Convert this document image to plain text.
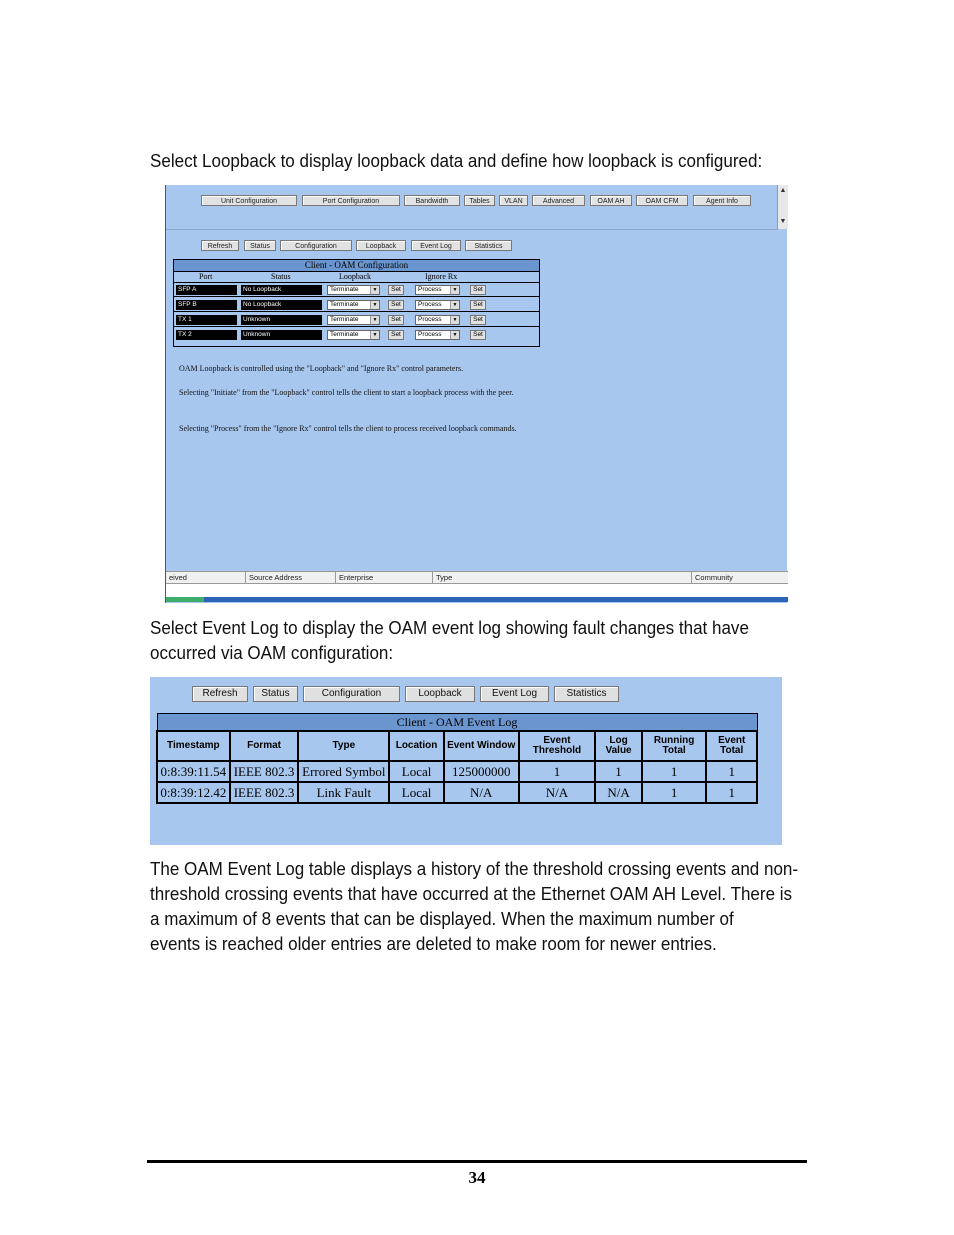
Select Loopback to display loopback data and define how loopback is configured:
Unit Configuration	Port Configuration	Bandwidth	Tables	VLAN	Advanced	OAM AH	OAM CFM	Agent Info
▲
▼
Refresh	Status	Configuration	Loopback	Event Log	Statistics
Client - OAM Configuration
Port	Status	Loopback	Ignore Rx
SFP A	No Loopback	Terminate	▼	Set	Process	▼	Set
SFP B	No Loopback	Terminate	▼	Set	Process	▼	Set
TX 1	Unknown	Terminate	▼	Set	Process	▼	Set
TX 2	Unknown	Terminate	▼	Set	Process	▼	Set
OAM Loopback is controlled using the "Loopback" and "Ignore Rx" control parameters.
Selecting "Initiate" from the "Loopback" control tells the client to start a loopback process with the peer.
Selecting "Process" from the "Ignore Rx" control tells the client to process received loopback commands.
eived	Source Address	Enterprise	Type	Community
Select Event Log to display the OAM event log showing fault changes that have
occurred via OAM configuration:
Refresh	Status	Configuration	Loopback	Event Log	Statistics
Client - OAM Event Log								
Timestamp	Format	Type	Location	Event Window	Event Threshold	Log Value	Running Total	Event Total
0:8:39:11.54	IEEE 802.3	Errored Symbol	Local	125000000	1	1	1	1
0:8:39:12.42	IEEE 802.3	Link Fault	Local	N/A	N/A	N/A	1	1
The OAM Event Log table displays a history of the threshold crossing events and non-
threshold crossing events that have occurred at the Ethernet OAM AH Level. There is
a maximum of 8 events that can be displayed. When the maximum number of
events is reached older entries are deleted to make room for newer entries.
34
